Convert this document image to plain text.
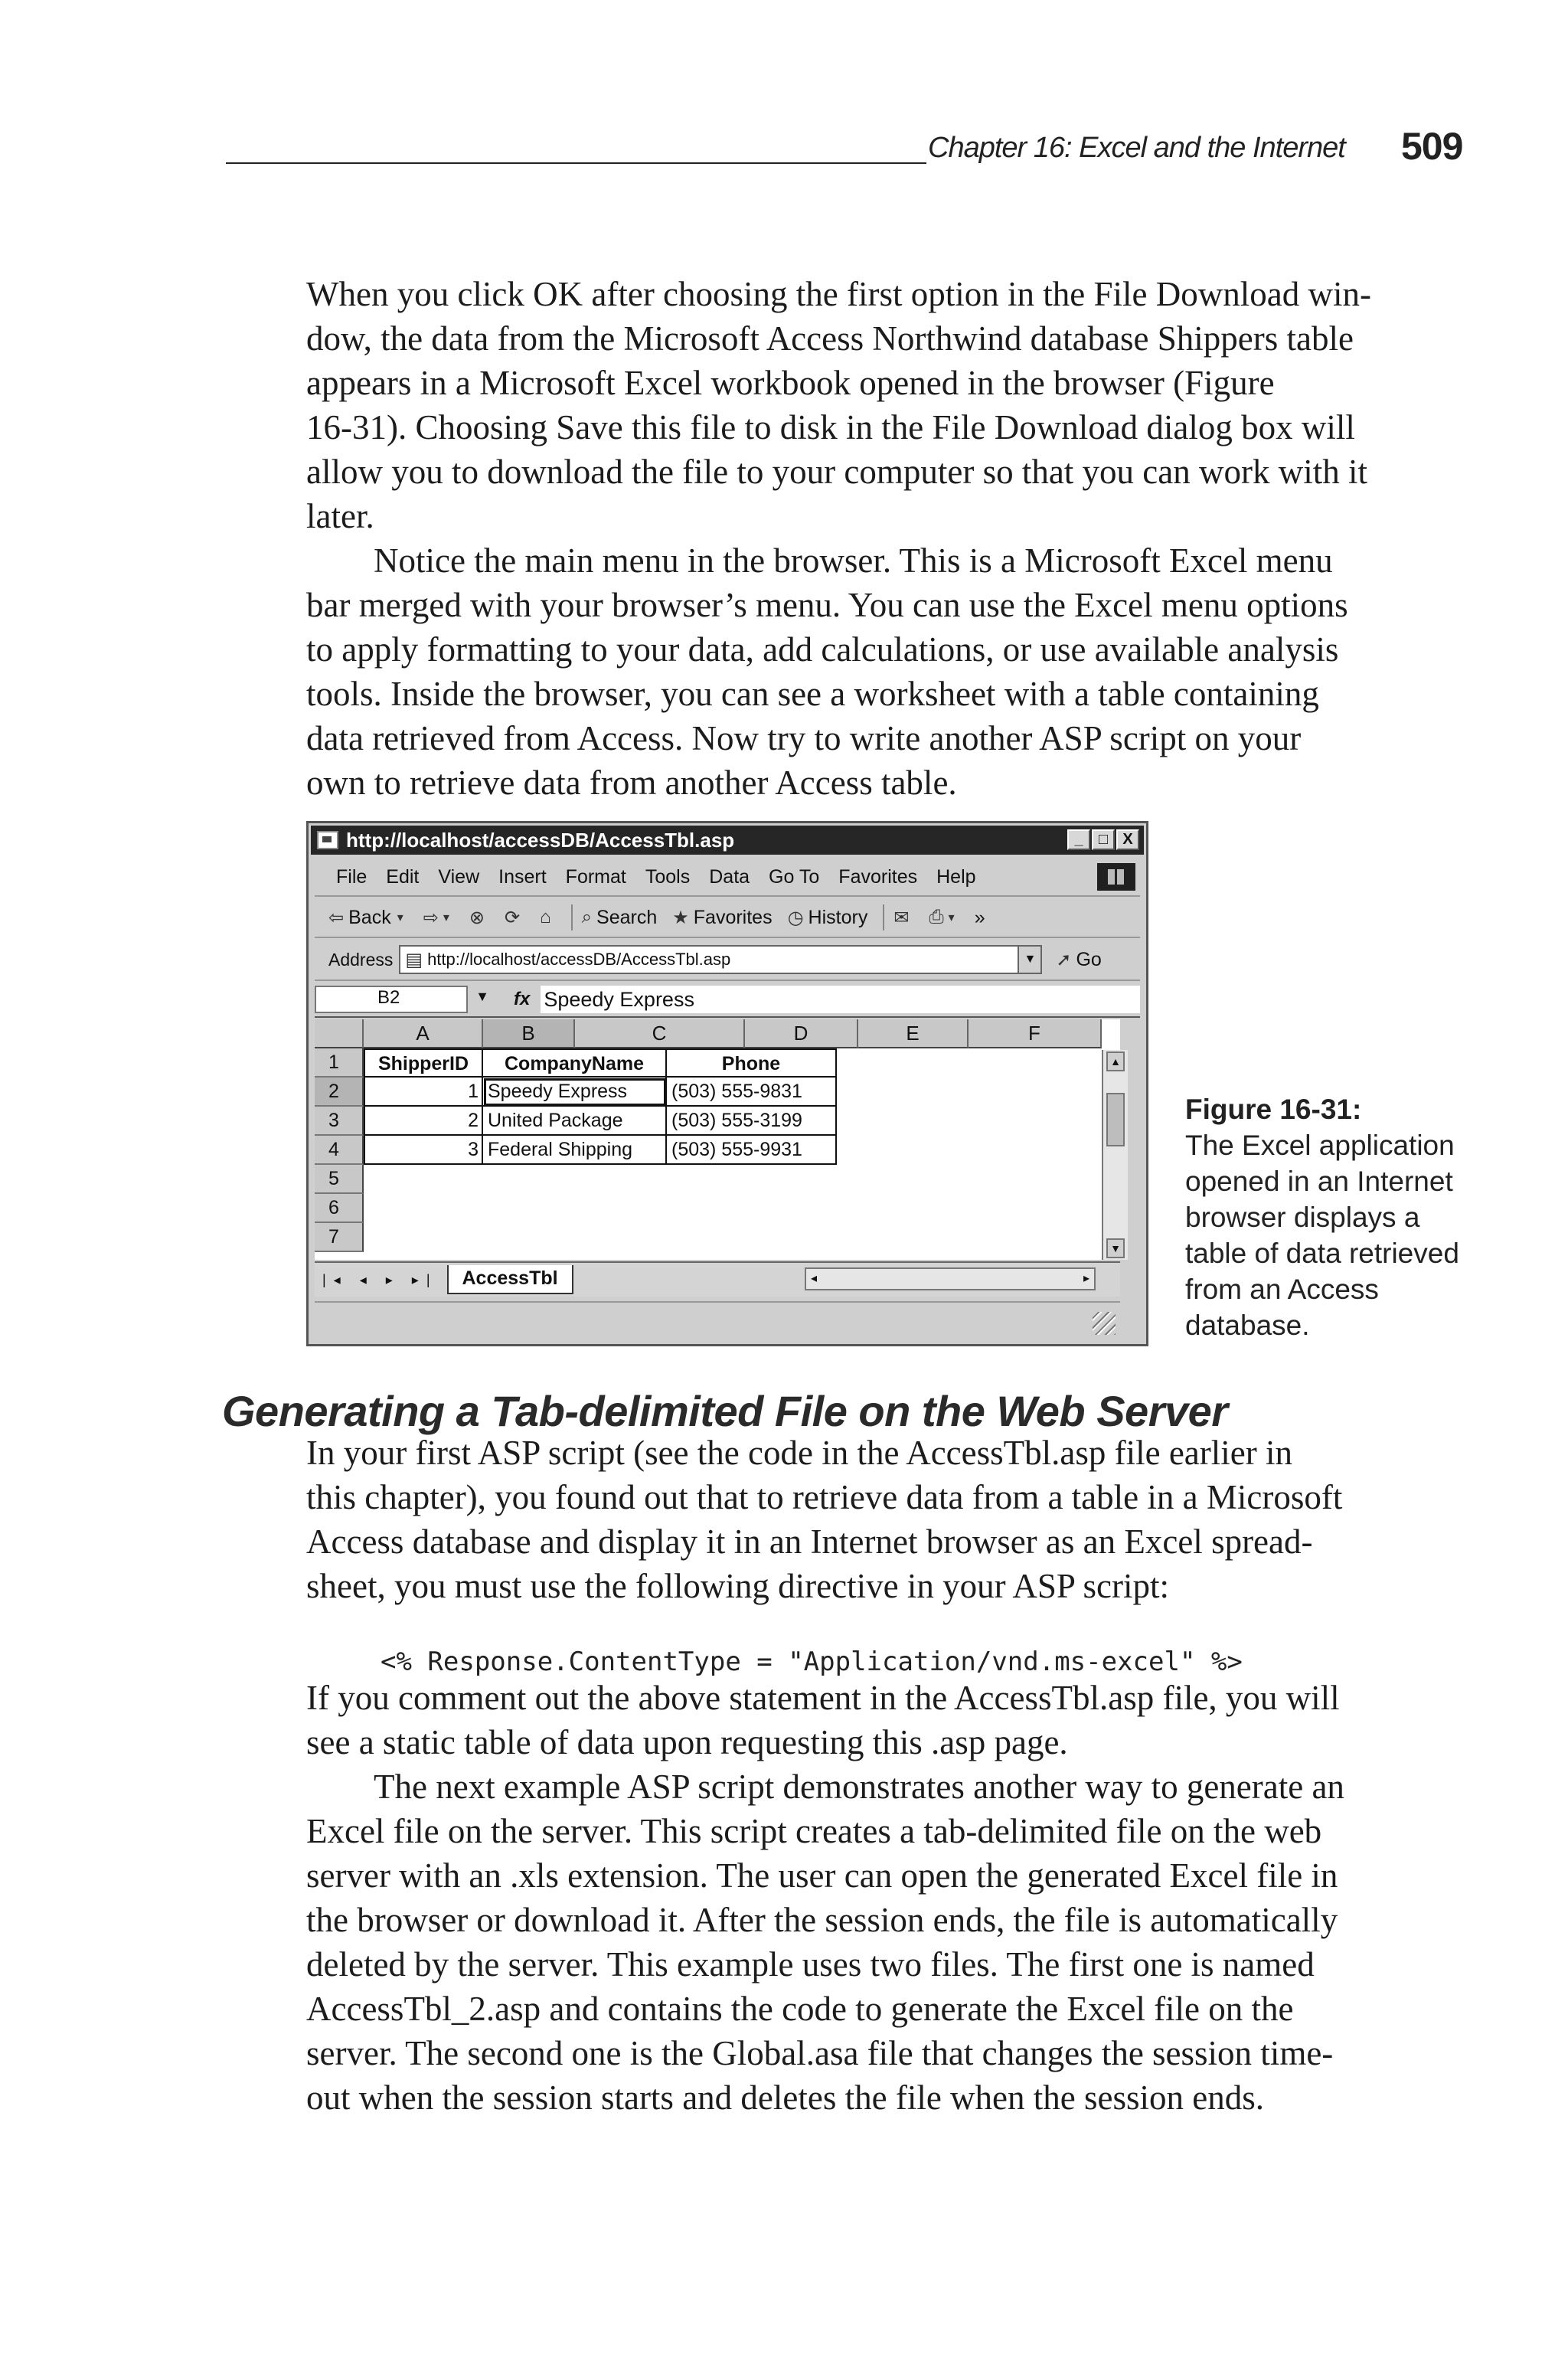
Chapter 16: Excel and the Internet 509
When you click OK after choosing the first option in the File Download win-
dow, the data from the Microsoft Access Northwind database Shippers table
appears in a Microsoft Excel workbook opened in the browser (Figure
16-31). Choosing Save this file to disk in the File Download dialog box will
allow you to download the file to your computer so that you can work with it
later.
Notice the main menu in the browser. This is a Microsoft Excel menu
bar merged with your browser’s menu. You can use the Excel menu options
to apply formatting to your data, add calculations, or use available analysis
tools. Inside the browser, you can see a worksheet with a table containing
data retrieved from Access. Now try to write another ASP script on your
own to retrieve data from another Access table.
http://localhost/accessDB/AccessTbl.asp	_	□ X
File Edit View Insert Format Tools Data Go To Favorites Help
⇦ Back ▾ ⇨ ▾ ⊗ ⟳ ⌂ ⌕ Search ★ Favorites ◷ History ✉ ⎙ ▾ »
Address ▤ http://localhost/accessDB/AccessTbl.asp	▼ ➚ Go
B2	▼ fx Speedy Express
A	B	C	D	E	F
1
2
3
4
5
6
7
ShipperID	CompanyName	Phone
1 Speedy Express	(503) 555-9831
2 United Package	(503) 555-3199
3 Federal Shipping	(503) 555-9931
▲
▼
|◂ ◂ ▸ ▸|	AccessTbl	◂	▸
Figure 16-31:
The Excel application
opened in an Internet
browser displays a
table of data retrieved
from an Access
database.
Generating a Tab-delimited File on the Web Server
In your first ASP script (see the code in the AccessTbl.asp file earlier in
this chapter), you found out that to retrieve data from a table in a Microsoft
Access database and display it in an Internet browser as an Excel spread-
sheet, you must use the following directive in your ASP script:
<% Response.ContentType = "Application/vnd.ms-excel" %>
If you comment out the above statement in the AccessTbl.asp file, you will
see a static table of data upon requesting this .asp page.
The next example ASP script demonstrates another way to generate an
Excel file on the server. This script creates a tab-delimited file on the web
server with an .xls extension. The user can open the generated Excel file in
the browser or download it. After the session ends, the file is automatically
deleted by the server. This example uses two files. The first one is named
AccessTbl_2.asp and contains the code to generate the Excel file on the
server. The second one is the Global.asa file that changes the session time-
out when the session starts and deletes the file when the session ends.
